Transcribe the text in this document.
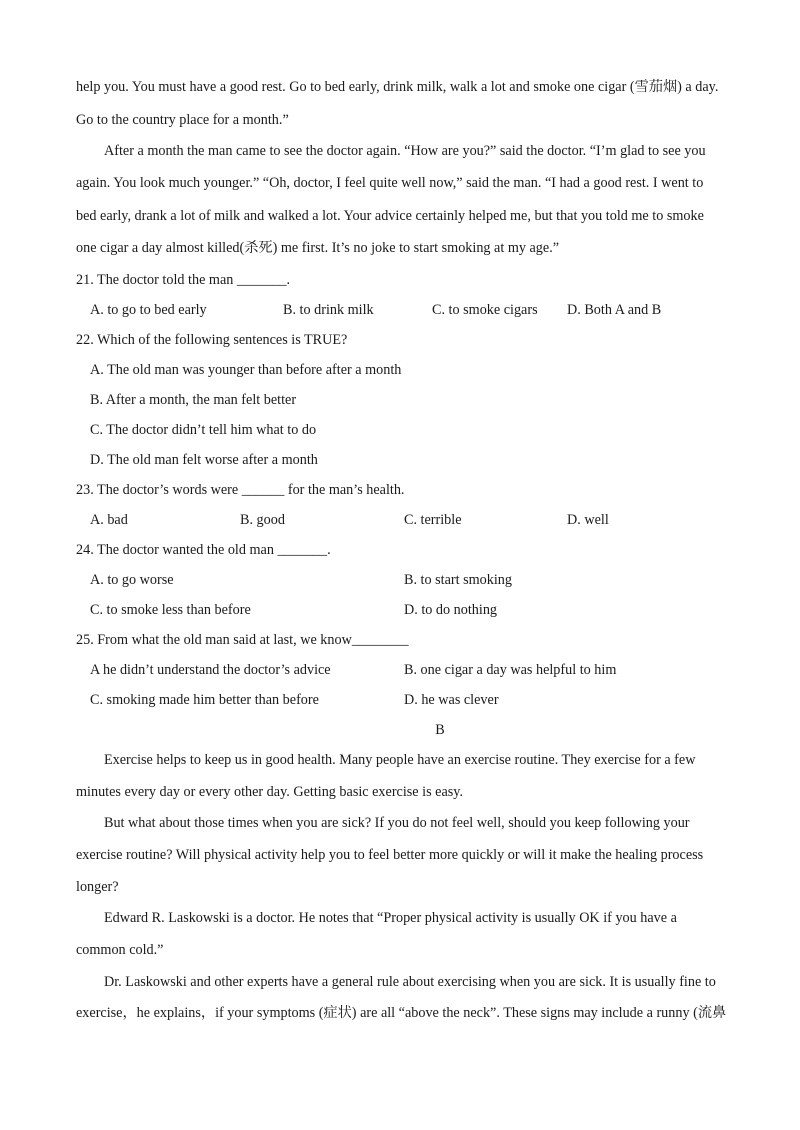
help you. You must have a good rest. Go to bed early, drink milk, walk a lot and smoke one cigar (雪茄烟) a day.
Go to the country place for a month.”
After a month the man came to see the doctor again. “How are you?” said the doctor. “I’m glad to see you
again. You look much younger.” “Oh, doctor, I feel quite well now,” said the man. “I had a good rest. I went to
bed early, drank a lot of milk and walked a lot. Your advice certainly helped me, but that you told me to smoke
one cigar a day almost killed(杀死) me first. It’s no joke to start smoking at my age.”
21. The doctor told the man _______.
A. to go to bed early	B. to drink milk	C. to smoke cigars D. Both A and B
22. Which of the following sentences is TRUE?
A. The old man was younger than before after a month
B. After a month, the man felt better
C. The doctor didn’t tell him what to do
D. The old man felt worse after a month
23. The doctor’s words were ______ for the man’s health.
A. bad	B. good	C. terrible	D. well
24. The doctor wanted the old man _______.
A. to go worse	B. to start smoking
C. to smoke less than before	D. to do nothing
25. From what the old man said at last, we know________
A he didn’t understand the doctor’s advice	B. one cigar a day was helpful to him
C. smoking made him better than before	D. he was clever
B
Exercise helps to keep us in good health. Many people have an exercise routine. They exercise for a few
minutes every day or every other day. Getting basic exercise is easy.
But what about those times when you are sick? If you do not feel well, should you keep following your
exercise routine? Will physical activity help you to feel better more quickly or will it make the healing process
longer?
Edward R. Laskowski is a doctor. He notes that “Proper physical activity is usually OK if you have a
common cold.”
Dr. Laskowski and other experts have a general rule about exercising when you are sick. It is usually fine to
exercise，he explains，if your symptoms (症状) are all “above the neck”. These signs may include a runny (流鼻
